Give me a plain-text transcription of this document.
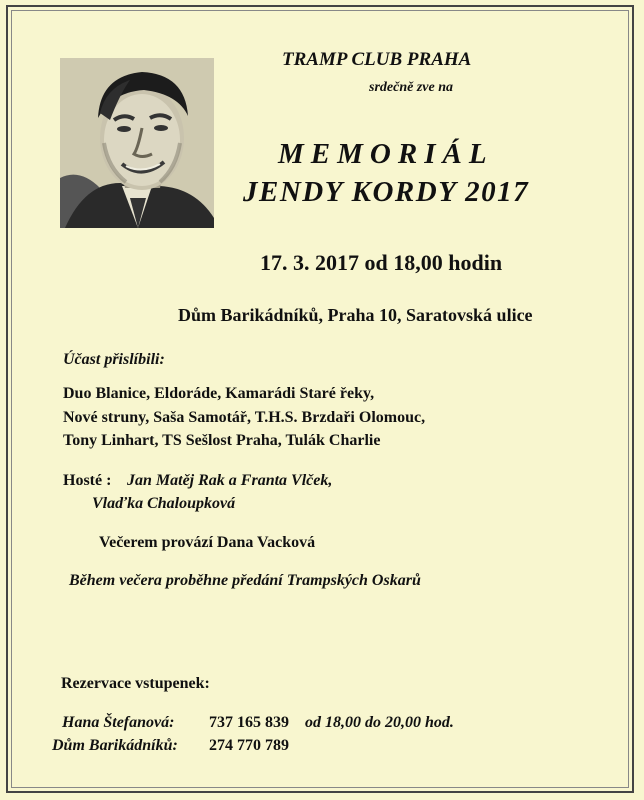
TRAMP CLUB PRAHA
srdečně zve na
MEMORIÁL
JENDY KORDY 2017
17. 3. 2017 od 18,00 hodin
Dům Barikádníků, Praha 10, Saratovská ulice
Účast přislíbili:
Duo Blanice, Eldoráde, Kamarádi Staré řeky,
Nové struny, Saša Samotář, T.H.S. Brzdaři Olomouc,
Tony Linhart, TS Sešlost Praha, Tulák Charlie
Hosté : Jan Matěj Rak a Franta Vlček,
Vlaďka Chaloupková
Večerem provází Dana Vacková
Během večera proběhne předání Trampských Oskarů
Rezervace vstupenek:
Hana Štefanová: 737 165 839 od 18,00 do 20,00 hod.
Dům Barikádníků: 274 770 789
